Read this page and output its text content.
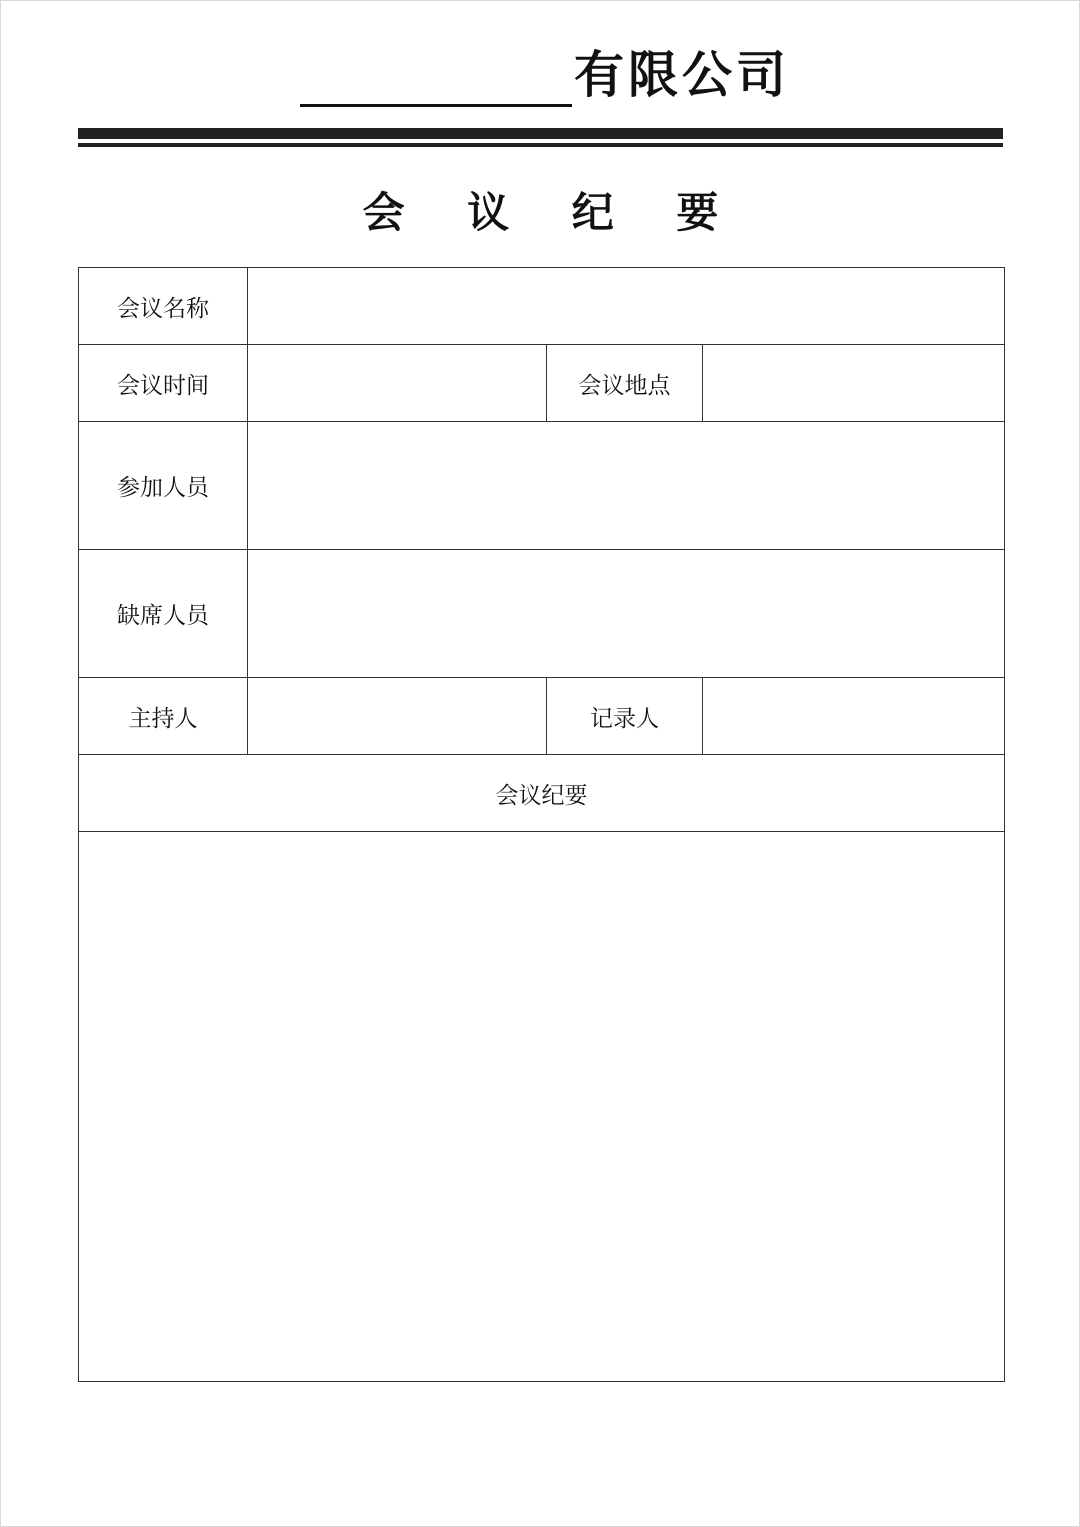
有限公司
会 议 纪 要
会议名称			
会议时间		会议地点	
参加人员			
缺席人员			
主持人		记录人	
会议纪要			
